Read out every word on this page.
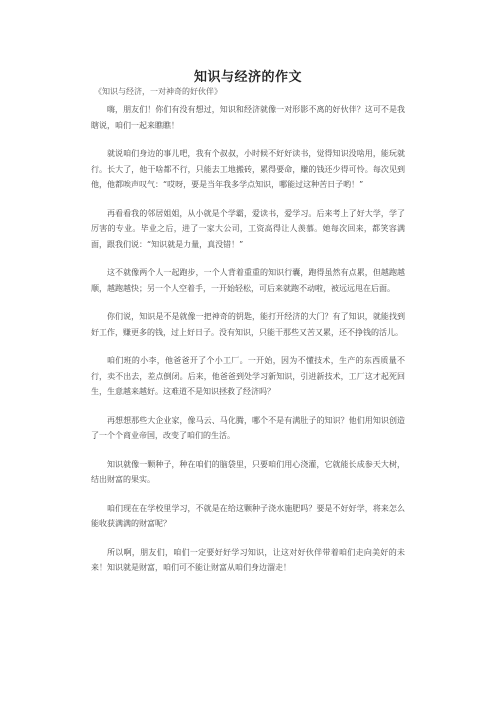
知识与经济的作文
《知识与经济，一对神奇的好伙伴》

嗨，朋友们！你们有没有想过，知识和经济就像一对形影不离的好伙伴？这可不是我瞎说，咱们一起来瞧瞧！

就说咱们身边的事儿吧，我有个叔叔，小时候不好好读书，觉得知识没啥用，能玩就行。长大了，他干啥都不行，只能去工地搬砖，累得要命，赚的钱还少得可怜。每次见到他，他都唉声叹气：“哎呀，要是当年我多学点知识，哪能过这种苦日子哟！”

再看看我的邻居姐姐，从小就是个学霸，爱读书，爱学习。后来考上了好大学，学了厉害的专业。毕业之后，进了一家大公司，工资高得让人羡慕。她每次回来，都笑容满面，跟我们说：“知识就是力量，真没错！”

这不就像两个人一起跑步，一个人背着重重的知识行囊，跑得虽然有点累，但越跑越顺，越跑越快；另一个人空着手，一开始轻松，可后来就跑不动啦，被远远甩在后面。

你们说，知识是不是就像一把神奇的钥匙，能打开经济的大门？有了知识，就能找到好工作，赚更多的钱，过上好日子。没有知识，只能干那些又苦又累，还不挣钱的活儿。

咱们班的小李，他爸爸开了个小工厂。一开始，因为不懂技术，生产的东西质量不行，卖不出去，差点倒闭。后来，他爸爸到处学习新知识，引进新技术，工厂这才起死回生，生意越来越好。这难道不是知识拯救了经济吗？

再想想那些大企业家，像马云、马化腾，哪个不是有满肚子的知识？他们用知识创造了一个个商业帝国，改变了咱们的生活。

知识就像一颗种子，种在咱们的脑袋里，只要咱们用心浇灌，它就能长成参天大树，结出财富的果实。

咱们现在在学校里学习，不就是在给这颗种子浇水施肥吗？要是不好好学，将来怎么能收获满满的财富呢？

所以啊，朋友们，咱们一定要好好学习知识，让这对好伙伴带着咱们走向美好的未来！知识就是财富，咱们可不能让财富从咱们身边溜走！
